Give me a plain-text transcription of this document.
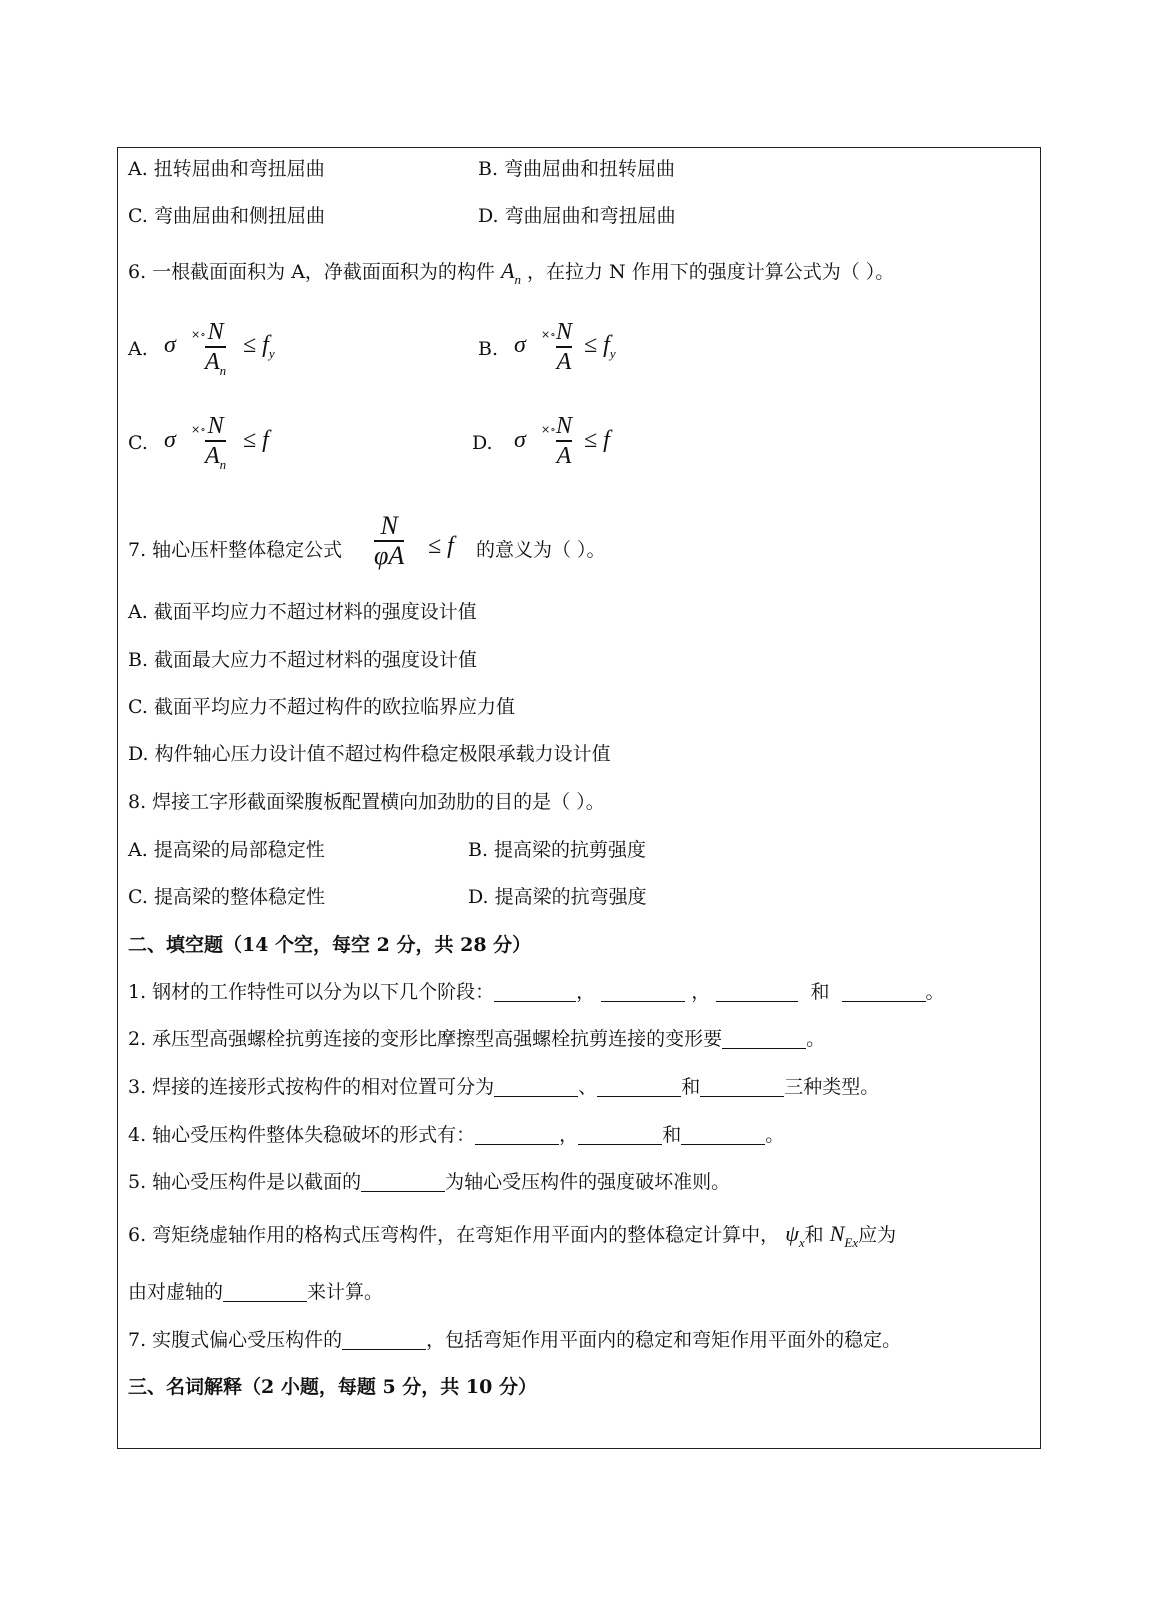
A. 扭转屈曲和弯扭屈曲	B. 弯曲屈曲和扭转屈曲
C. 弯曲屈曲和侧扭屈曲	D. 弯曲屈曲和弯扭屈曲
6. 一根截面面积为 A，净截面面积为的构件 $A_n$ ，在拉力 N 作用下的强度计算公式为（ ）。
A. σ ×∘ N
$A_n$
≤ $f_y$	B. σ ×∘ N
A
≤ $f_y$
C. σ ×∘ N
$A_n$
≤ f	D. σ ×∘ N
A
≤ f
7. 轴心压杆整体稳定公式
N
φA ≤ f 的意义为（ ）。
A. 截面平均应力不超过材料的强度设计值
B. 截面最大应力不超过材料的强度设计值
C. 截面平均应力不超过构件的欧拉临界应力值
D. 构件轴心压力设计值不超过构件稳定极限承载力设计值
8. 焊接工字形截面梁腹板配置横向加劲肋的目的是（ ）。
A. 提高梁的局部稳定性	B. 提高梁的抗剪强度
C. 提高梁的整体稳定性	D. 提高梁的抗弯强度
二、填空题（14 个空，每空 2 分，共 28 分）
1. 钢材的工作特性可以分为以下几个阶段：	，	，	和	。
2. 承压型高强螺栓抗剪连接的变形比摩擦型高强螺栓抗剪连接的变形要	。
3. 焊接的连接形式按构件的相对位置可分为	、	和	三种类型。
4. 轴心受压构件整体失稳破坏的形式有：	，	和	。
5. 轴心受压构件是以截面的	为轴心受压构件的强度破坏准则。
6. 弯矩绕虚轴作用的格构式压弯构件，在弯矩作用平面内的整体稳定计算中， $\psi_x$和 $N_{Ex}$应为
由对虚轴的	来计算。
7. 实腹式偏心受压构件的	，包括弯矩作用平面内的稳定和弯矩作用平面外的稳定。
三、名词解释（2 小题，每题 5 分，共 10 分）
